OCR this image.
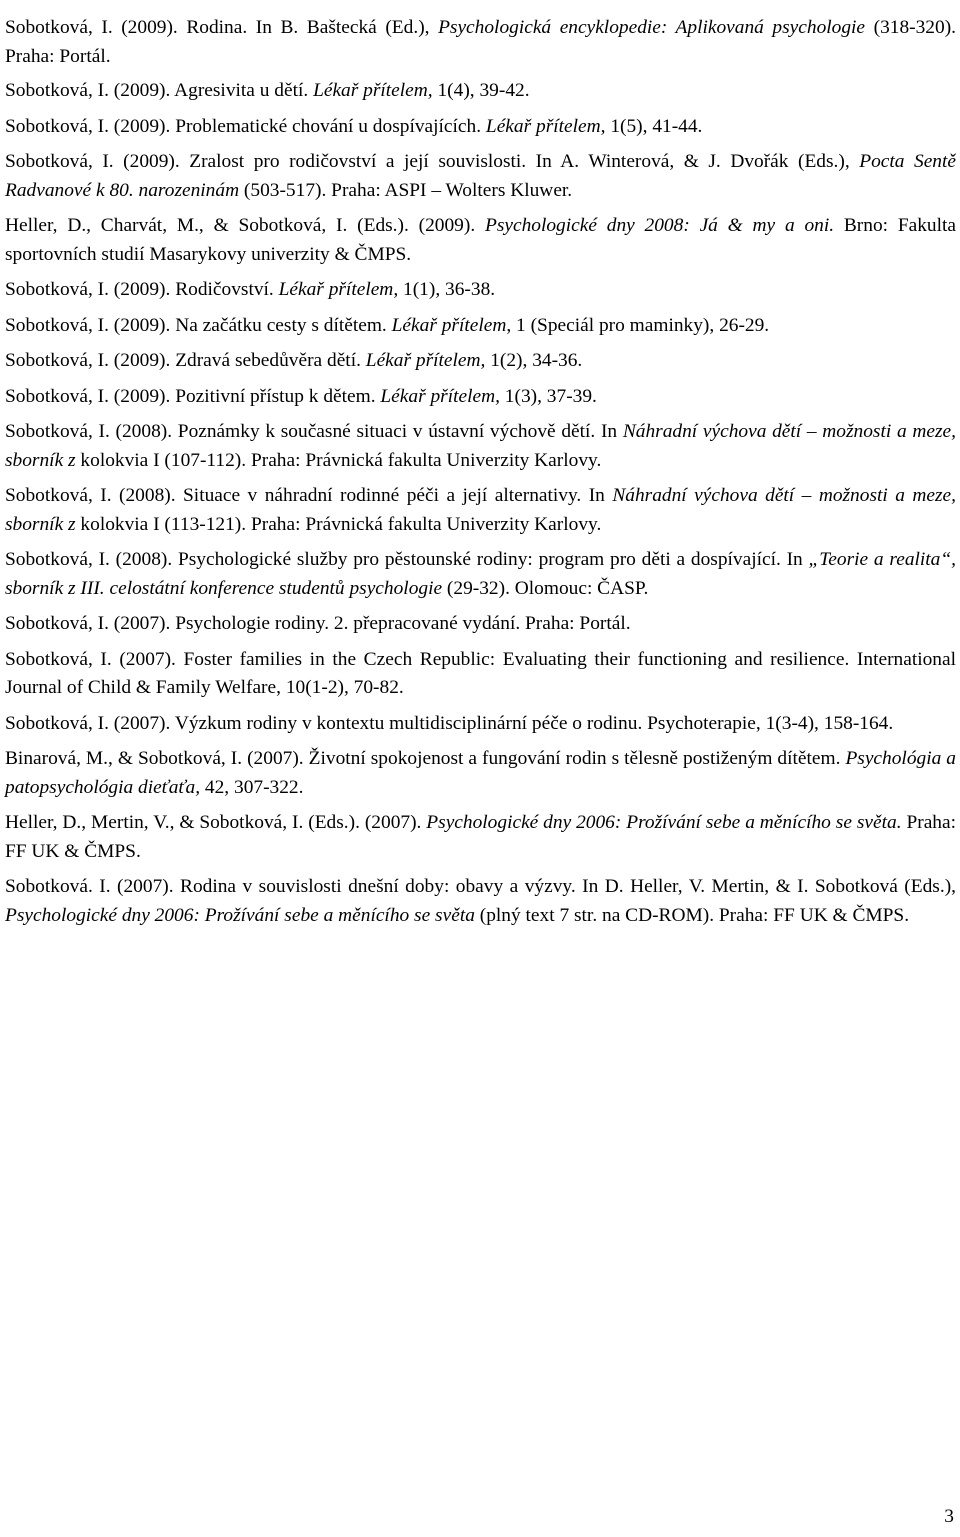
Sobotková, I. (2009). Rodina. In B. Baštecká (Ed.), Psychologická encyklopedie: Aplikovaná psychologie (318-320). Praha: Portál.

Sobotková, I. (2009). Agresivita u dětí. Lékař přítelem, 1(4), 39-42.

Sobotková, I. (2009). Problematické chování u dospívajících. Lékař přítelem, 1(5), 41-44.

Sobotková, I. (2009). Zralost pro rodičovství a její souvislosti. In A. Winterová, & J. Dvořák (Eds.), Pocta Sentě Radvanové k 80. narozeninám (503-517). Praha: ASPI – Wolters Kluwer.

Heller, D., Charvát, M., & Sobotková, I. (Eds.). (2009). Psychologické dny 2008: Já & my a oni. Brno: Fakulta sportovních studií Masarykovy univerzity & ČMPS.

Sobotková, I. (2009). Rodičovství. Lékař přítelem, 1(1), 36-38.

Sobotková, I. (2009). Na začátku cesty s dítětem. Lékař přítelem, 1 (Speciál pro maminky), 26-29.

Sobotková, I. (2009). Zdravá sebedůvěra dětí. Lékař přítelem, 1(2), 34-36.

Sobotková, I. (2009). Pozitivní přístup k dětem. Lékař přítelem, 1(3), 37-39.

Sobotková, I. (2008). Poznámky k současné situaci v ústavní výchově dětí. In Náhradní výchova dětí – možnosti a meze, sborník z kolokvia I (107-112). Praha: Právnická fakulta Univerzity Karlovy.

Sobotková, I. (2008). Situace v náhradní rodinné péči a její alternativy. In Náhradní výchova dětí – možnosti a meze, sborník z kolokvia I (113-121). Praha: Právnická fakulta Univerzity Karlovy.

Sobotková, I. (2008). Psychologické služby pro pěstounské rodiny: program pro děti a dospívající. In „Teorie a realita“, sborník z III. celostátní konference studentů psychologie (29-32). Olomouc: ČASP.

Sobotková, I. (2007). Psychologie rodiny. 2. přepracované vydání. Praha: Portál.

Sobotková, I. (2007). Foster families in the Czech Republic: Evaluating their functioning and resilience. International Journal of Child & Family Welfare, 10(1-2), 70-82.

Sobotková, I. (2007). Výzkum rodiny v kontextu multidisciplinární péče o rodinu. Psychoterapie, 1(3-4), 158-164.

Binarová, M., & Sobotková, I. (2007). Životní spokojenost a fungování rodin s tělesně postiženým dítětem. Psychológia a patopsychológia dieťaťa, 42, 307-322.

Heller, D., Mertin, V., & Sobotková, I. (Eds.). (2007). Psychologické dny 2006: Prožívání sebe a měnícího se světa. Praha: FF UK & ČMPS.

Sobotková. I. (2007). Rodina v souvislosti dnešní doby: obavy a výzvy. In D. Heller, V. Mertin, & I. Sobotková (Eds.), Psychologické dny 2006: Prožívání sebe a měnícího se světa (plný text 7 str. na CD-ROM). Praha: FF UK & ČMPS.

3
